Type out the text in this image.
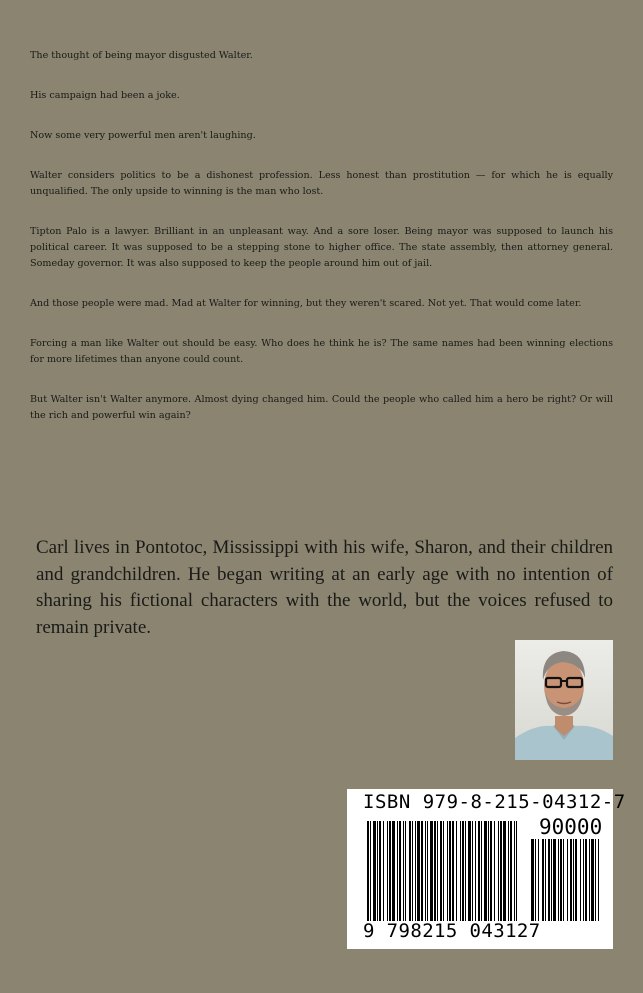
The thought of being mayor disgusted Walter.

His campaign had been a joke.

Now some very powerful men aren't laughing.

Walter considers politics to be a dishonest profession. Less honest than prostitution — for which he is equally unqualified. The only upside to winning is the man who lost.

Tipton Palo is a lawyer. Brilliant in an unpleasant way. And a sore loser. Being mayor was supposed to launch his political career. It was supposed to be a stepping stone to higher office. The state assembly, then attorney general. Someday governor. It was also supposed to keep the people around him out of jail.

And those people were mad. Mad at Walter for winning, but they weren't scared. Not yet. That would come later.

Forcing a man like Walter out should be easy. Who does he think he is? The same names had been winning elections for more lifetimes than anyone could count.

But Walter isn't Walter anymore. Almost dying changed him. Could the people who called him a hero be right? Or will the rich and powerful win again?

Carl lives in Pontotoc, Mississippi with his wife, Sharon, and their children and grandchildren. He began writing at an early age with no intention of sharing his fictional characters with the world, but the voices refused to remain private.

ISBN 979-8-215-04312-7
90000
9 798215 043127
